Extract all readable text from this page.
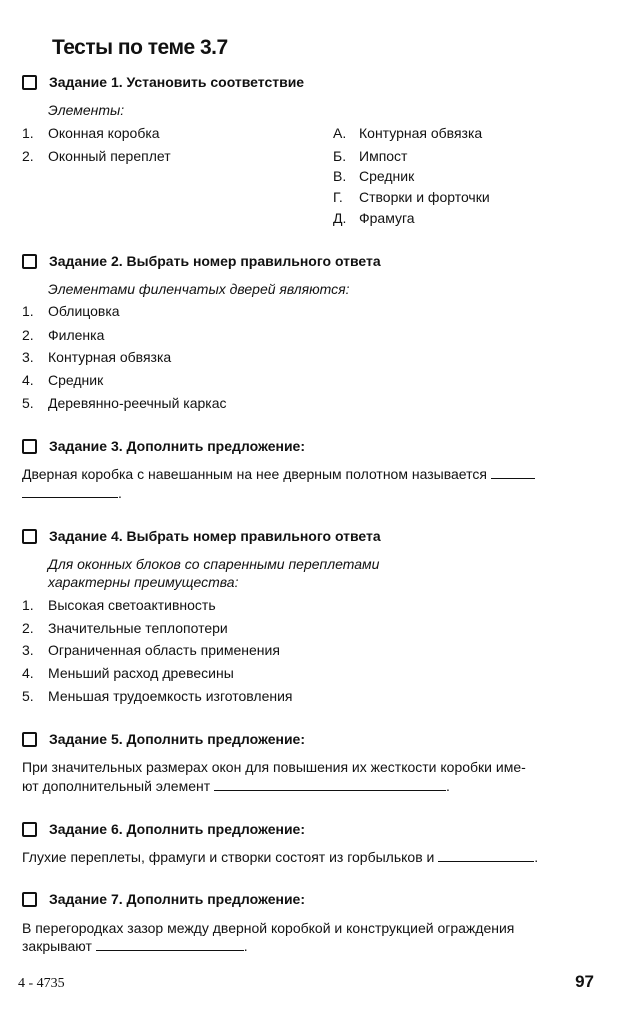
Тесты по теме 3.7
Задание 1. Установить соответствие
Элементы:
1. Оконная коробка
2. Оконный переплет
А. Контурная обвязка
Б. Импост
В. Средник
Г. Створки и форточки
Д. Фрамуга
Задание 2. Выбрать номер правильного ответа
Элементами филенчатых дверей являются:
1. Облицовка
2. Филенка
3. Контурная обвязка
4. Средник
5. Деревянно-реечный каркас
Задание 3. Дополнить предложение:
Дверная коробка с навешанным на нее дверным полотном называется
.
Задание 4. Выбрать номер правильного ответа
Для оконных блоков со спаренными переплетами
характерны преимущества:
1. Высокая светоактивность
2. Значительные теплопотери
3. Ограниченная область применения
4. Меньший расход древесины
5. Меньшая трудоемкость изготовления
Задание 5. Дополнить предложение:
При значительных размерах окон для повышения их жесткости коробки име-
ют дополнительный элемент	.
Задание 6. Дополнить предложение:
Глухие переплеты, фрамуги и створки состоят из горбыльков и	.
Задание 7. Дополнить предложение:
В перегородках зазор между дверной коробкой и конструкцией ограждения
закрывают	.
4 - 4735	97
